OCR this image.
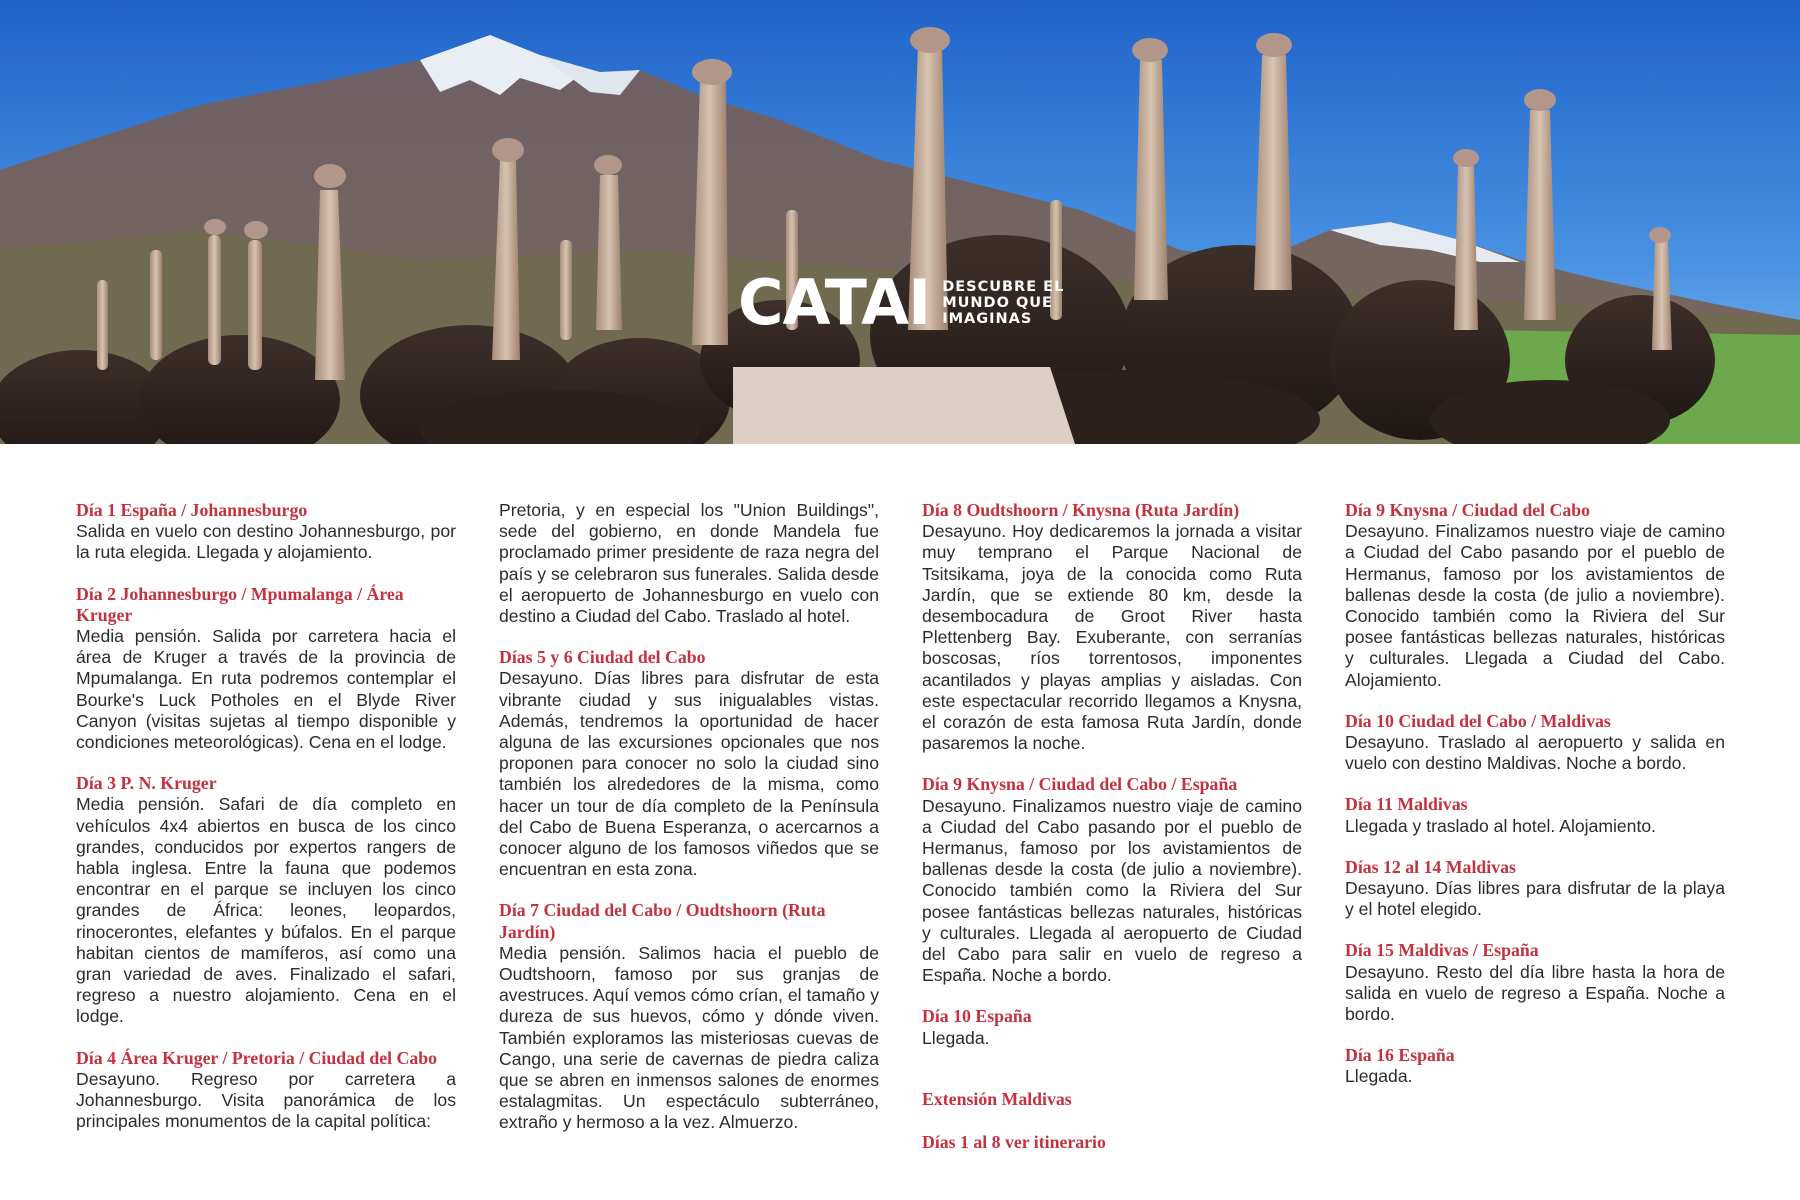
CATAI DESCUBRE EL
MUNDO QUE
IMAGINAS
Día 1 España / Johannesburgo
Salida en vuelo con destino Johannesburgo, por la ruta elegida. Llegada y alojamiento.
Día 2 Johannesburgo / Mpumalanga / Área Kruger
Media pensión. Salida por carretera hacia el área de Kruger a través de la provincia de Mpumalanga. En ruta podremos contemplar el Bourke's Luck Potholes en el Blyde River Canyon (visitas sujetas al tiempo disponible y condiciones meteorológicas). Cena en el lodge.
Día 3 P. N. Kruger
Media pensión. Safari de día completo en vehículos 4x4 abiertos en busca de los cinco grandes, conducidos por expertos rangers de habla inglesa. Entre la fauna que podemos encontrar en el parque se incluyen los cinco grandes de África: leones, leopardos, rinocerontes, elefantes y búfalos. En el parque habitan cientos de mamíferos, así como una gran variedad de aves. Finalizado el safari, regreso a nuestro alojamiento. Cena en el lodge.
Día 4 Área Kruger / Pretoria / Ciudad del Cabo
Desayuno. Regreso por carretera a Johannesburgo. Visita panorámica de los principales monumentos de la capital política:
Pretoria, y en especial los "Union Buildings", sede del gobierno, en donde Mandela fue proclamado primer presidente de raza negra del país y se celebraron sus funerales. Salida desde el aeropuerto de Johannesburgo en vuelo con destino a Ciudad del Cabo. Traslado al hotel.
Días 5 y 6 Ciudad del Cabo
Desayuno. Días libres para disfrutar de esta vibrante ciudad y sus inigualables vistas. Además, tendremos la oportunidad de hacer alguna de las excursiones opcionales que nos proponen para conocer no solo la ciudad sino también los alrededores de la misma, como hacer un tour de día completo de la Península del Cabo de Buena Esperanza, o acercarnos a conocer alguno de los famosos viñedos que se encuentran en esta zona.
Día 7 Ciudad del Cabo / Oudtshoorn (Ruta Jardín)
Media pensión. Salimos hacia el pueblo de Oudtshoorn, famoso por sus granjas de avestruces. Aquí vemos cómo crían, el tamaño y dureza de sus huevos, cómo y dónde viven. También exploramos las misteriosas cuevas de Cango, una serie de cavernas de piedra caliza que se abren en inmensos salones de enormes estalagmitas. Un espectáculo subterráneo, extraño y hermoso a la vez. Almuerzo.
Día 8 Oudtshoorn / Knysna (Ruta Jardín)
Desayuno. Hoy dedicaremos la jornada a visitar muy temprano el Parque Nacional de Tsitsikama, joya de la conocida como Ruta Jardín, que se extiende 80 km, desde la desembocadura de Groot River hasta Plettenberg Bay. Exuberante, con serranías boscosas, ríos torrentosos, imponentes acantilados y playas amplias y aisladas. Con este espectacular recorrido llegamos a Knysna, el corazón de esta famosa Ruta Jardín, donde pasaremos la noche.
Día 9 Knysna / Ciudad del Cabo / España
Desayuno. Finalizamos nuestro viaje de camino a Ciudad del Cabo pasando por el pueblo de Hermanus, famoso por los avistamientos de ballenas desde la costa (de julio a noviembre). Conocido también como la Riviera del Sur posee fantásticas bellezas naturales, históricas y culturales. Llegada al aeropuerto de Ciudad del Cabo para salir en vuelo de regreso a España. Noche a bordo.
Día 10 España
Llegada.
Extensión Maldivas
Días 1 al 8 ver itinerario
Día 9 Knysna / Ciudad del Cabo
Desayuno. Finalizamos nuestro viaje de camino a Ciudad del Cabo pasando por el pueblo de Hermanus, famoso por los avistamientos de ballenas desde la costa (de julio a noviembre). Conocido también como la Riviera del Sur posee fantásticas bellezas naturales, históricas y culturales. Llegada a Ciudad del Cabo. Alojamiento.
Día 10 Ciudad del Cabo / Maldivas
Desayuno. Traslado al aeropuerto y salida en vuelo con destino Maldivas. Noche a bordo.
Día 11 Maldivas
Llegada y traslado al hotel. Alojamiento.
Días 12 al 14 Maldivas
Desayuno. Días libres para disfrutar de la playa y el hotel elegido.
Día 15 Maldivas / España
Desayuno. Resto del día libre hasta la hora de salida en vuelo de regreso a España. Noche a bordo.
Día 16 España
Llegada.
